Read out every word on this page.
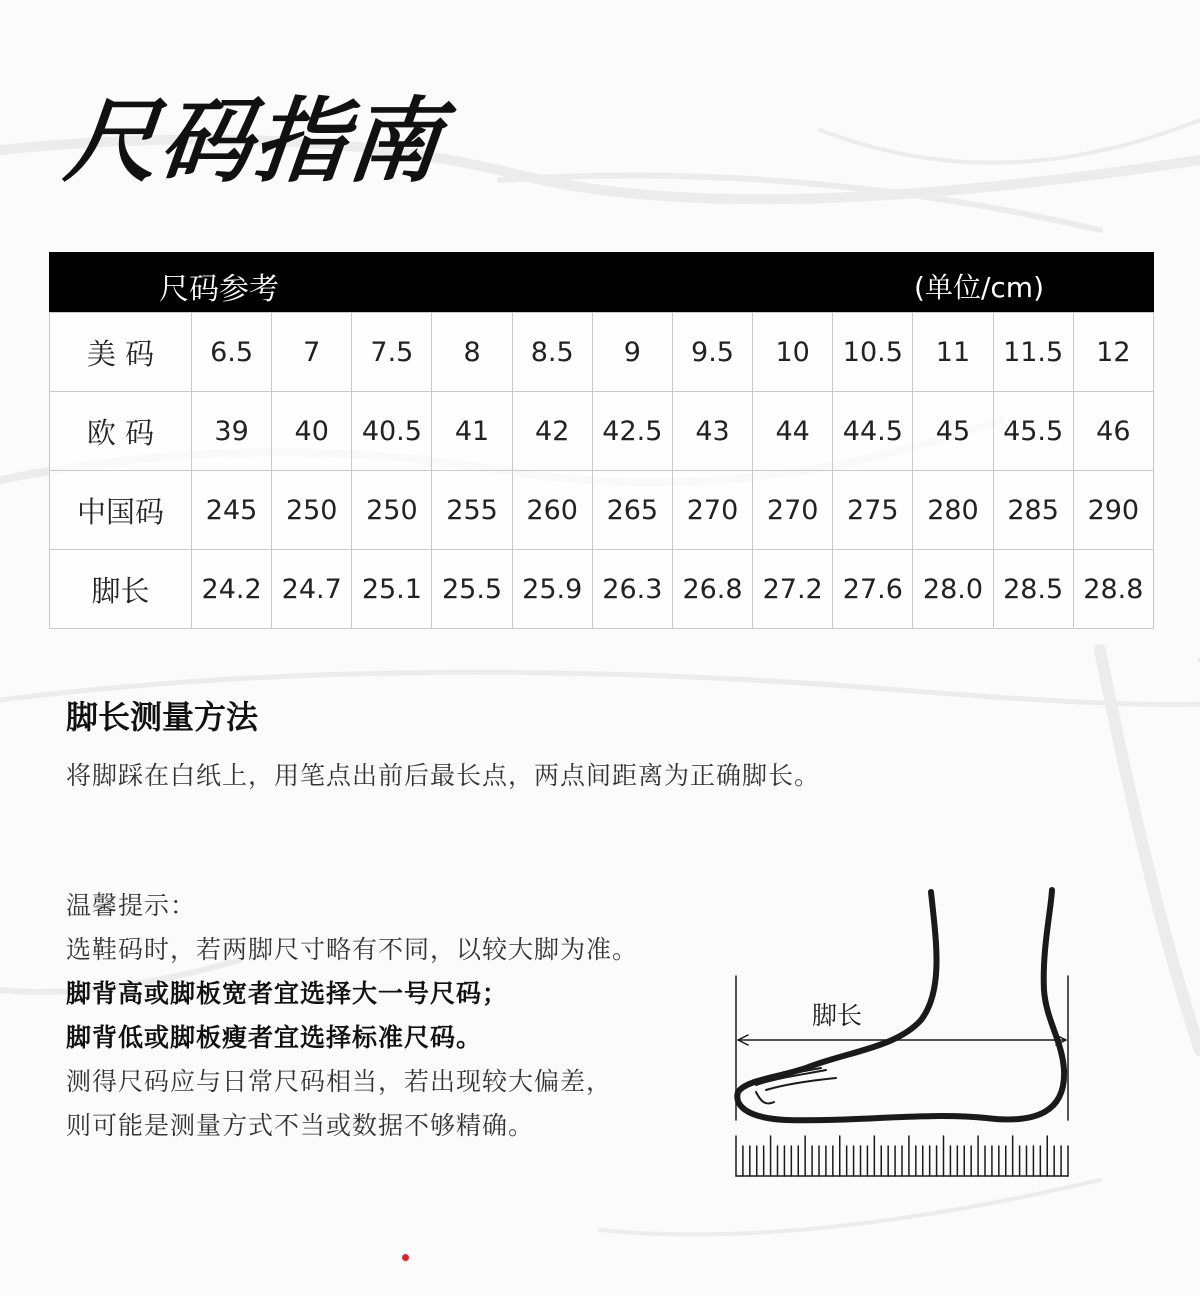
尺码指南
尺码参考	(单位/cm)
美 码	6.5	7	7.5	8	8.5	9	9.5	10	10.5	11	11.5	12
欧 码	39	40	40.5	41	42	42.5	43	44	44.5	45	45.5	46
中国码	245	250	250	255	260	265	270	270	275	280	285	290
脚长	24.2	24.7	25.1	25.5	25.9	26.3	26.8	27.2	27.6	28.0	28.5	28.8
脚长测量方法
将脚踩在白纸上，用笔点出前后最长点，两点间距离为正确脚长。
温馨提示：
选鞋码时，若两脚尺寸略有不同，以较大脚为准。
脚背高或脚板宽者宜选择大一号尺码；
脚背低或脚板瘦者宜选择标准尺码。
测得尺码应与日常尺码相当，若出现较大偏差，
则可能是测量方式不当或数据不够精确。
脚长
